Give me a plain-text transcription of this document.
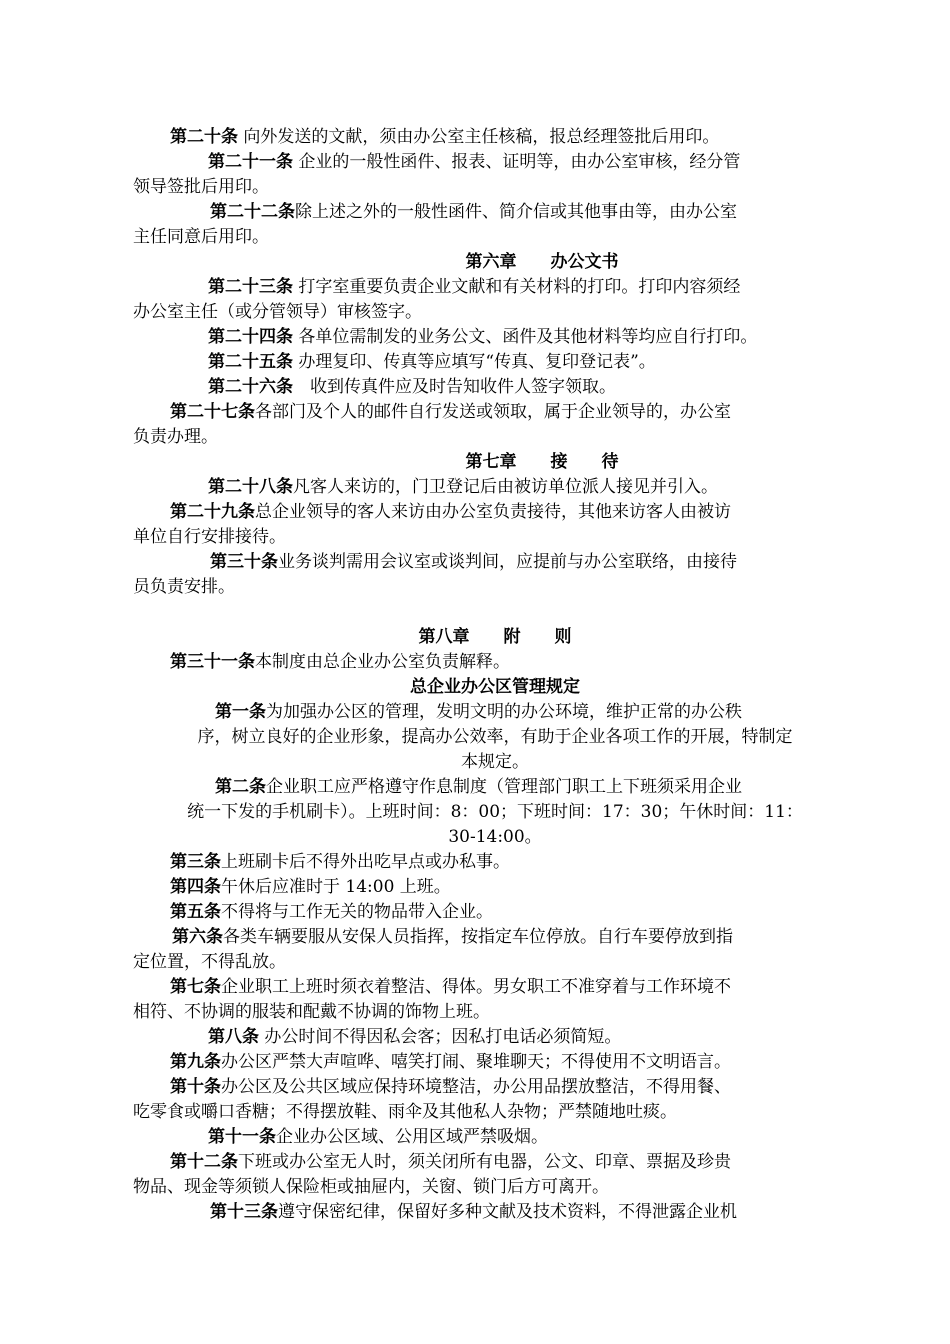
第二十条 向外发送的文献，须由办公室主任核稿，报总经理签批后用印。
第二十一条 企业的一般性函件、报表、证明等，由办公室审核，经分管
领导签批后用印。
第二十二条除上述之外的一般性函件、简介信或其他事由等，由办公室
主任同意后用印。
第六章　　办公文书
第二十三条 打字室重要负责企业文献和有关材料的打印。打印内容须经
办公室主任（或分管领导）审核签字。
第二十四条 各单位需制发的业务公文、函件及其他材料等均应自行打印。
第二十五条 办理复印、传真等应填写“传真、复印登记表”。
第二十六条　收到传真件应及时告知收件人签字领取。
第二十七条各部门及个人的邮件自行发送或领取，属于企业领导的，办公室
负责办理。
第七章　　接　　待
第二十八条凡客人来访的，门卫登记后由被访单位派人接见并引入。
第二十九条总企业领导的客人来访由办公室负责接待，其他来访客人由被访
单位自行安排接待。
第三十条业务谈判需用会议室或谈判间，应提前与办公室联络，由接待
员负责安排。
第八章　　附　　则
第三十一条本制度由总企业办公室负责解释。
总企业办公区管理规定
第一条为加强办公区的管理，发明文明的办公环境，维护正常的办公秩
序，树立良好的企业形象，提高办公效率，有助于企业各项工作的开展，特制定
本规定。
第二条企业职工应严格遵守作息制度（管理部门职工上下班须采用企业
统一下发的手机刷卡）。上班时间：8：00；下班时间：17：30；午休时间：11：
30-14:00。
第三条上班刷卡后不得外出吃早点或办私事。
第四条午休后应准时于 14:00 上班。
第五条不得将与工作无关的物品带入企业。
第六条各类车辆要服从安保人员指挥，按指定车位停放。自行车要停放到指
定位置，不得乱放。
第七条企业职工上班时须衣着整洁、得体。男女职工不准穿着与工作环境不
相符、不协调的服装和配戴不协调的饰物上班。
第八条 办公时间不得因私会客；因私打电话必须简短。
第九条办公区严禁大声喧哗、嘻笑打闹、聚堆聊天；不得使用不文明语言。
第十条办公区及公共区域应保持环境整洁，办公用品摆放整洁，不得用餐、
吃零食或嚼口香糖；不得摆放鞋、雨伞及其他私人杂物；严禁随地吐痰。
第十一条企业办公区域、公用区域严禁吸烟。
第十二条下班或办公室无人时，须关闭所有电器，公文、印章、票据及珍贵
物品、现金等须锁人保险柜或抽屉内，关窗、锁门后方可离开。
第十三条遵守保密纪律，保留好多种文献及技术资料，不得泄露企业机
